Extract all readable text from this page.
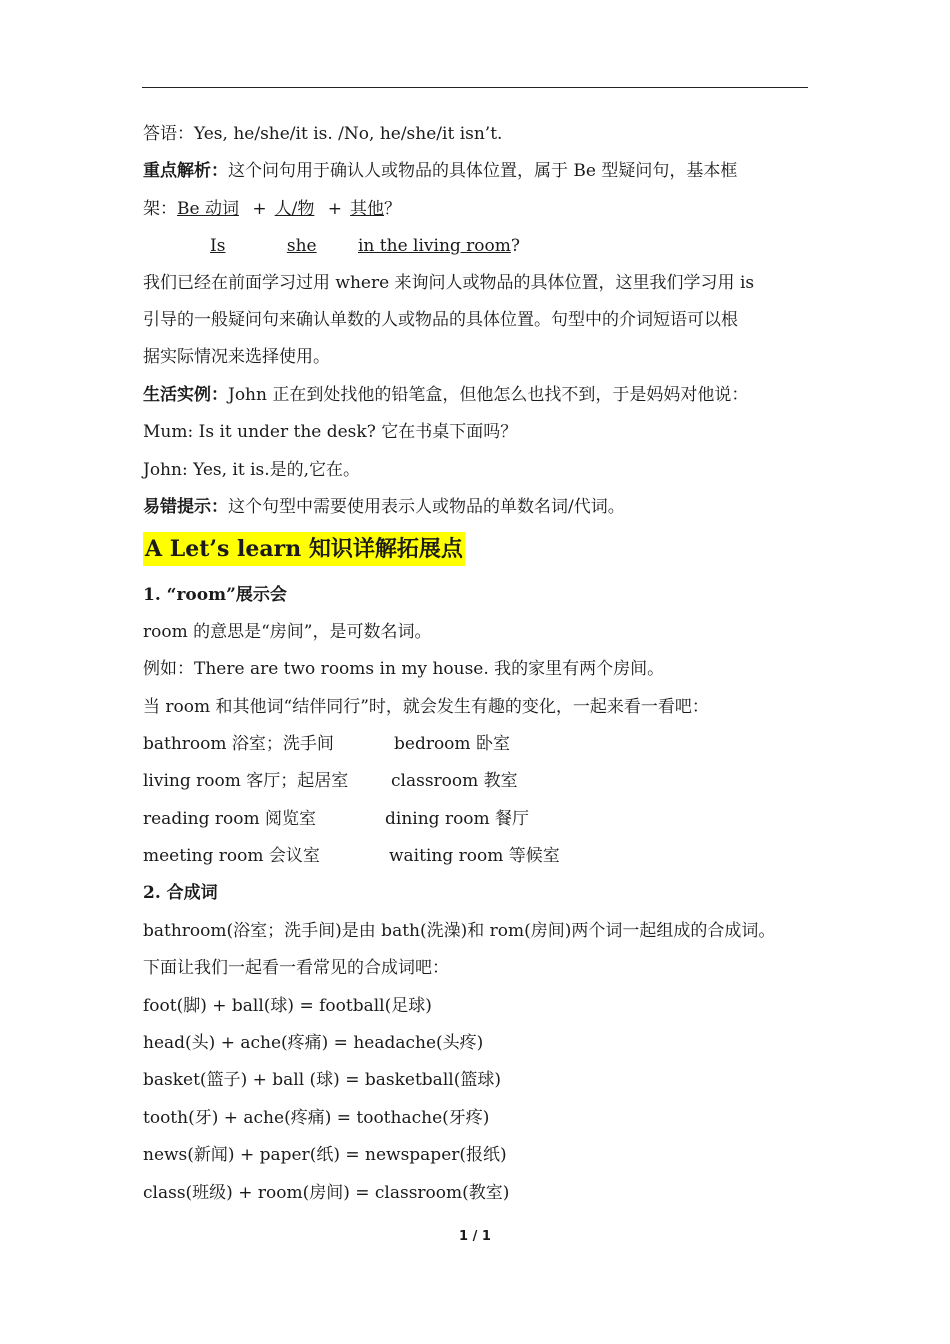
答语：Yes, he/she/it is. /No, he/she/it isn’t.
重点解析：这个问句用于确认人或物品的具体位置，属于 Be 型疑问句，基本框
架：Be 动词 + 人/物 + 其他？
Is	she in the living room?
我们已经在前面学习过用 where 来询问人或物品的具体位置，这里我们学习用 is
引导的一般疑问句来确认单数的人或物品的具体位置。句型中的介词短语可以根
据实际情况来选择使用。
生活实例：John 正在到处找他的铅笔盒，但他怎么也找不到，于是妈妈对他说：
Mum: Is it under the desk? 它在书桌下面吗？
John: Yes, it is.是的,它在。
易错提示：这个句型中需要使用表示人或物品的单数名词/代词。
A Let’s learn 知识详解拓展点
1. “room”展示会
room 的意思是“房间”，是可数名词。
例如：There are two rooms in my house. 我的家里有两个房间。
当 room 和其他词“结伴同行”时，就会发生有趣的变化，一起来看一看吧：
bathroom 浴室；洗手间	bedroom 卧室
living room 客厅；起居室	classroom 教室
reading room 阅览室	dining room 餐厅
meeting room 会议室	waiting room 等候室
2. 合成词
bathroom(浴室；洗手间)是由 bath(洗澡)和 rom(房间)两个词一起组成的合成词。
下面让我们一起看一看常见的合成词吧：
foot(脚) + ball(球) = football(足球)
head(头) + ache(疼痛) = headache(头疼)
basket(篮子) + ball (球) = basketball(篮球)
tooth(牙) + ache(疼痛) = toothache(牙疼)
news(新闻) + paper(纸) = newspaper(报纸)
class(班级) + room(房间) = classroom(教室)
1 / 1
